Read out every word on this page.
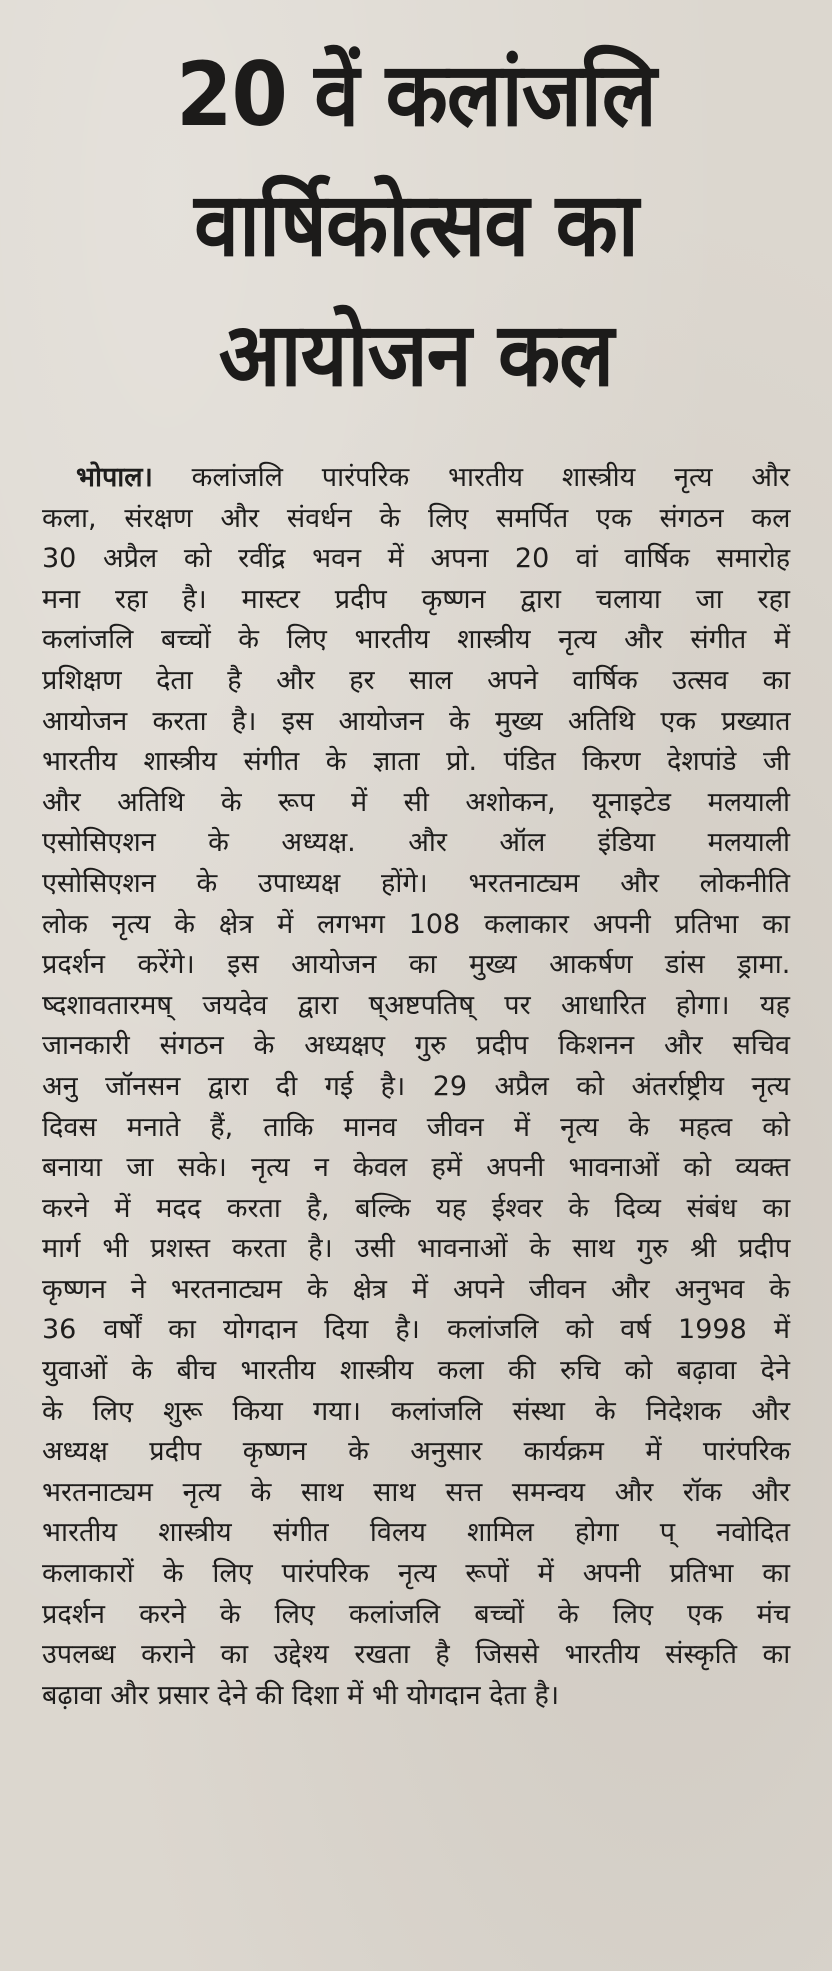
20 वें कलांजलि
वार्षिकोत्सव का
आयोजन कल
भोपाल। कलांजलि पारंपरिक भारतीय शास्त्रीय नृत्य और
कला, संरक्षण और संवर्धन के लिए समर्पित एक संगठन कल
30 अप्रैल को रवींद्र भवन में अपना 20 वां वार्षिक समारोह
मना रहा है। मास्टर प्रदीप कृष्णन द्वारा चलाया जा रहा
कलांजलि बच्चों के लिए भारतीय शास्त्रीय नृत्य और संगीत में
प्रशिक्षण देता है और हर साल अपने वार्षिक उत्सव का
आयोजन करता है। इस आयोजन के मुख्य अतिथि एक प्रख्यात
भारतीय शास्त्रीय संगीत के ज्ञाता प्रो. पंडित किरण देशपांडे जी
और अतिथि के रूप में सी अशोकन, यूनाइटेड मलयाली
एसोसिएशन के अध्यक्ष. और ऑल इंडिया मलयाली
एसोसिएशन के उपाध्यक्ष होंगे। भरतनाट्यम और लोकनीति
लोक नृत्य के क्षेत्र में लगभग 108 कलाकार अपनी प्रतिभा का
प्रदर्शन करेंगे। इस आयोजन का मुख्य आकर्षण डांस ड्रामा.
ष्दशावतारमष् जयदेव द्वारा ष्अष्टपतिष् पर आधारित होगा। यह
जानकारी संगठन के अध्यक्षए गुरु प्रदीप किशनन और सचिव
अनु जॉनसन द्वारा दी गई है। 29 अप्रैल को अंतर्राष्ट्रीय नृत्य
दिवस मनाते हैं, ताकि मानव जीवन में नृत्य के महत्व को
बनाया जा सके। नृत्य न केवल हमें अपनी भावनाओं को व्यक्त
करने में मदद करता है, बल्कि यह ईश्वर के दिव्य संबंध का
मार्ग भी प्रशस्त करता है। उसी भावनाओं के साथ गुरु श्री प्रदीप
कृष्णन ने भरतनाट्यम के क्षेत्र में अपने जीवन और अनुभव के
36 वर्षों का योगदान दिया है। कलांजलि को वर्ष 1998 में
युवाओं के बीच भारतीय शास्त्रीय कला की रुचि को बढ़ावा देने
के लिए शुरू किया गया। कलांजलि संस्था के निदेशक और
अध्यक्ष प्रदीप कृष्णन के अनुसार कार्यक्रम में पारंपरिक
भरतनाट्यम नृत्य के साथ साथ सत्त समन्वय और रॉक और
भारतीय शास्त्रीय संगीत विलय शामिल होगा प् नवोदित
कलाकारों के लिए पारंपरिक नृत्य रूपों में अपनी प्रतिभा का
प्रदर्शन करने के लिए कलांजलि बच्चों के लिए एक मंच
उपलब्ध कराने का उद्देश्य रखता है जिससे भारतीय संस्कृति का
बढ़ावा और प्रसार देने की दिशा में भी योगदान देता है।
